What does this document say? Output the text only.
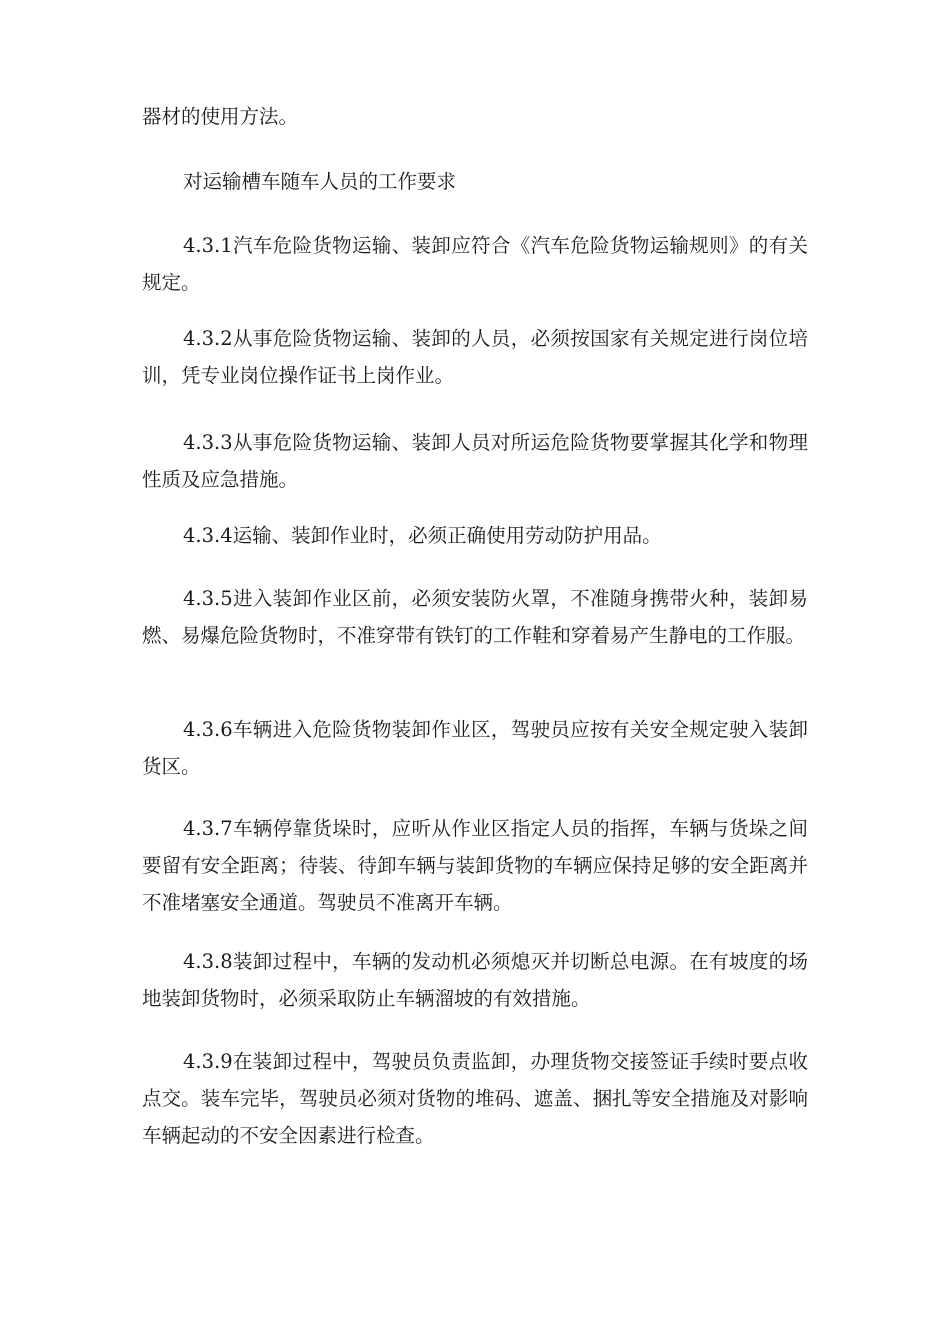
器材的使用方法。

对运输槽车随车人员的工作要求

4.3.1汽车危险货物运输、装卸应符合《汽车危险货物运输规则》的有关规定。

4.3.2从事危险货物运输、装卸的人员，必须按国家有关规定进行岗位培训，凭专业岗位操作证书上岗作业。

4.3.3从事危险货物运输、装卸人员对所运危险货物要掌握其化学和物理性质及应急措施。

4.3.4运输、装卸作业时，必须正确使用劳动防护用品。

4.3.5进入装卸作业区前，必须安装防火罩，不准随身携带火种，装卸易燃、易爆危险货物时，不准穿带有铁钉的工作鞋和穿着易产生静电的工作服。

4.3.6车辆进入危险货物装卸作业区，驾驶员应按有关安全规定驶入装卸货区。

4.3.7车辆停靠货垛时，应听从作业区指定人员的指挥，车辆与货垛之间要留有安全距离；待装、待卸车辆与装卸货物的车辆应保持足够的安全距离并不准堵塞安全通道。驾驶员不准离开车辆。

4.3.8装卸过程中，车辆的发动机必须熄灭并切断总电源。在有坡度的场地装卸货物时，必须采取防止车辆溜坡的有效措施。

4.3.9在装卸过程中，驾驶员负责监卸，办理货物交接签证手续时要点收点交。装车完毕，驾驶员必须对货物的堆码、遮盖、捆扎等安全措施及对影响车辆起动的不安全因素进行检查。
